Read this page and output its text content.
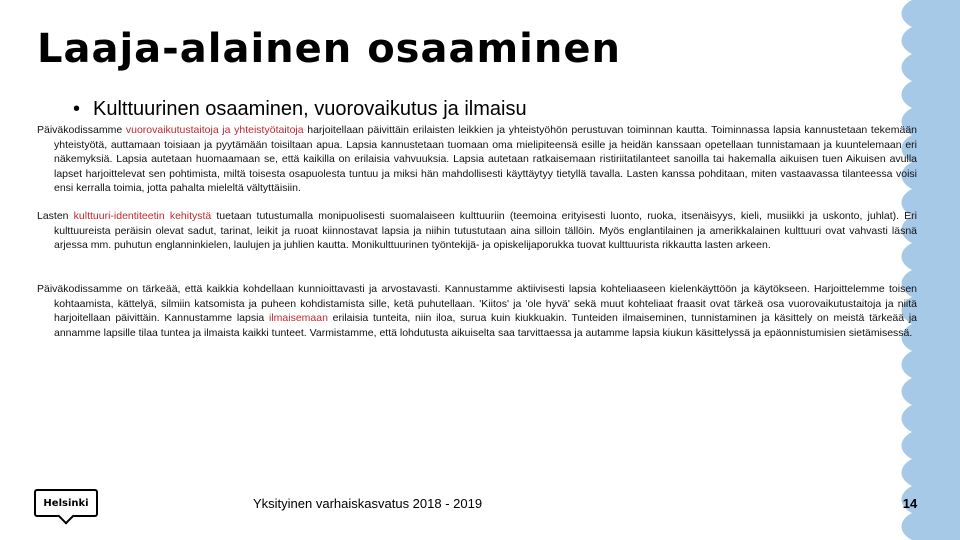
Laaja-alainen osaaminen
• Kulttuurinen osaaminen, vuorovaikutus ja ilmaisu

Päiväkodissamme vuorovaikutustaitoja ja yhteistyötaitoja harjoitellaan päivittäin erilaisten leikkien ja yhteistyöhön perustuvan toiminnan kautta. Toiminnassa lapsia kannustetaan tekemään yhteistyötä, auttamaan toisiaan ja pyytämään toisiltaan apua. Lapsia kannustetaan tuomaan oma mielipiteensä esille ja heidän kanssaan opetellaan tunnistamaan ja kuuntelemaan eri näkemyksiä. Lapsia autetaan huomaamaan se, että kaikilla on erilaisia vahvuuksia. Lapsia autetaan ratkaisemaan ristiriitatilanteet sanoilla tai hakemalla aikuisen tuen Aikuisen avulla lapset harjoittelevat sen pohtimista, miltä toisesta osapuolesta tuntuu ja miksi hän mahdollisesti käyttäytyy tietyllä tavalla. Lasten kanssa pohditaan, miten vastaavassa tilanteessa voisi ensi kerralla toimia, jotta pahalta mieleltä vältyttäisiin.

Lasten kulttuuri-identiteetin kehitystä tuetaan tutustumalla monipuolisesti suomalaiseen kulttuuriin (teemoina erityisesti luonto, ruoka, itsenäisyys, kieli, musiikki ja uskonto, juhlat). Eri kulttuureista peräisin olevat sadut, tarinat, leikit ja ruoat kiinnostavat lapsia ja niihin tutustutaan aina silloin tällöin. Myös englantilainen ja amerikkalainen kulttuuri ovat vahvasti läsnä arjessa mm. puhutun englanninkielen, laulujen ja juhlien kautta. Monikulttuurinen työntekijä- ja opiskelijaporukka tuovat kulttuurista rikkautta lasten arkeen.

Päiväkodissamme on tärkeää, että kaikkia kohdellaan kunnioittavasti ja arvostavasti. Kannustamme aktiivisesti lapsia kohteliaaseen kielenkäyttöön ja käytökseen. Harjoittelemme toisen kohtaamista, kättelyä, silmiin katsomista ja puheen kohdistamista sille, ketä puhutellaan. 'Kiitos' ja 'ole hyvä' sekä muut kohteliaat fraasit ovat tärkeä osa vuorovaikutustaitoja ja niitä harjoitellaan päivittäin. Kannustamme lapsia ilmaisemaan erilaisia tunteita, niin iloa, surua kuin kiukkuakin. Tunteiden ilmaiseminen, tunnistaminen ja käsittely on meistä tärkeää ja annamme lapsille tilaa tuntea ja ilmaista kaikki tunteet. Varmistamme, että lohdutusta aikuiselta saa tarvittaessa ja autamme lapsia kiukun käsittelyssä ja epäonnistumisien sietämisessä.

Helsinki	Yksityinen varhaiskasvatus 2018 - 2019	14
